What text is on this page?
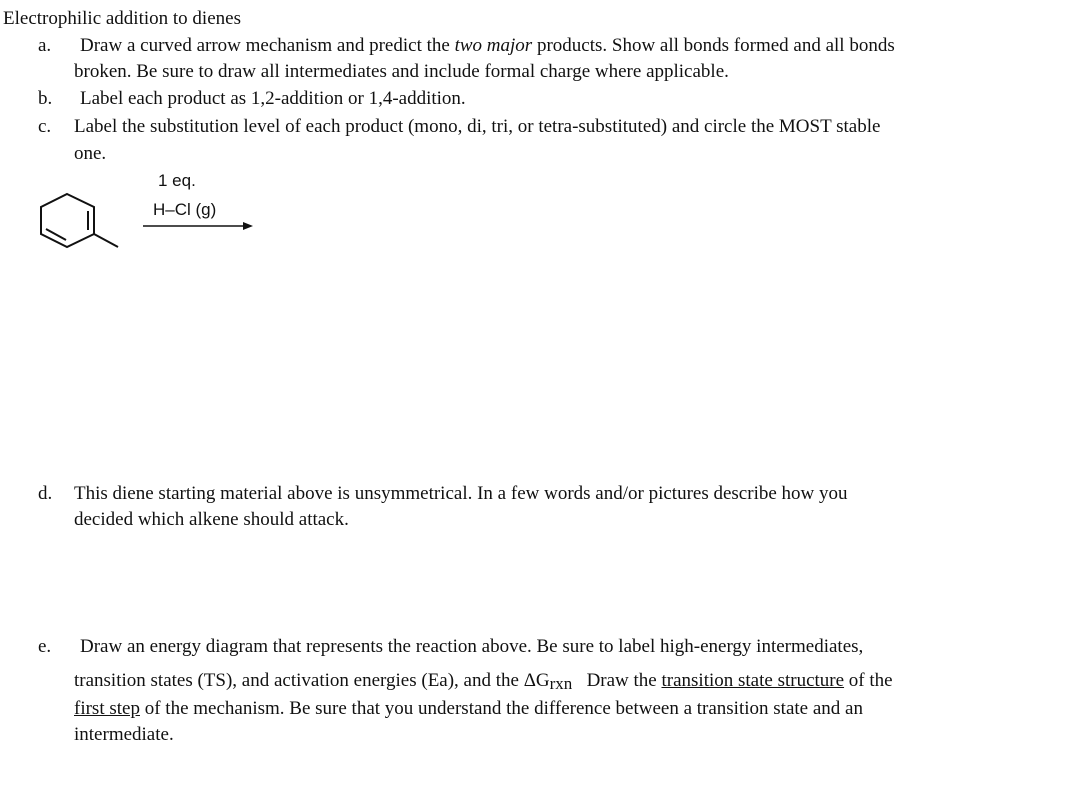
Electrophilic addition to dienes
a. Draw a curved arrow mechanism and predict the two major products. Show all bonds formed and all bonds
broken. Be sure to draw all intermediates and include formal charge where applicable.
b. Label each product as 1,2-addition or 1,4-addition.
c. Label the substitution level of each product (mono, di, tri, or tetra-substituted) and circle the MOST stable
one.
1 eq.
H–Cl (g)
d. This diene starting material above is unsymmetrical. In a few words and/or pictures describe how you
decided which alkene should attack.
e. Draw an energy diagram that represents the reaction above. Be sure to label high-energy intermediates,
transition states (TS), and activation energies (Ea), and the ΔGrxn   Draw the transition state structure of the
first step of the mechanism. Be sure that you understand the difference between a transition state and an
intermediate.
